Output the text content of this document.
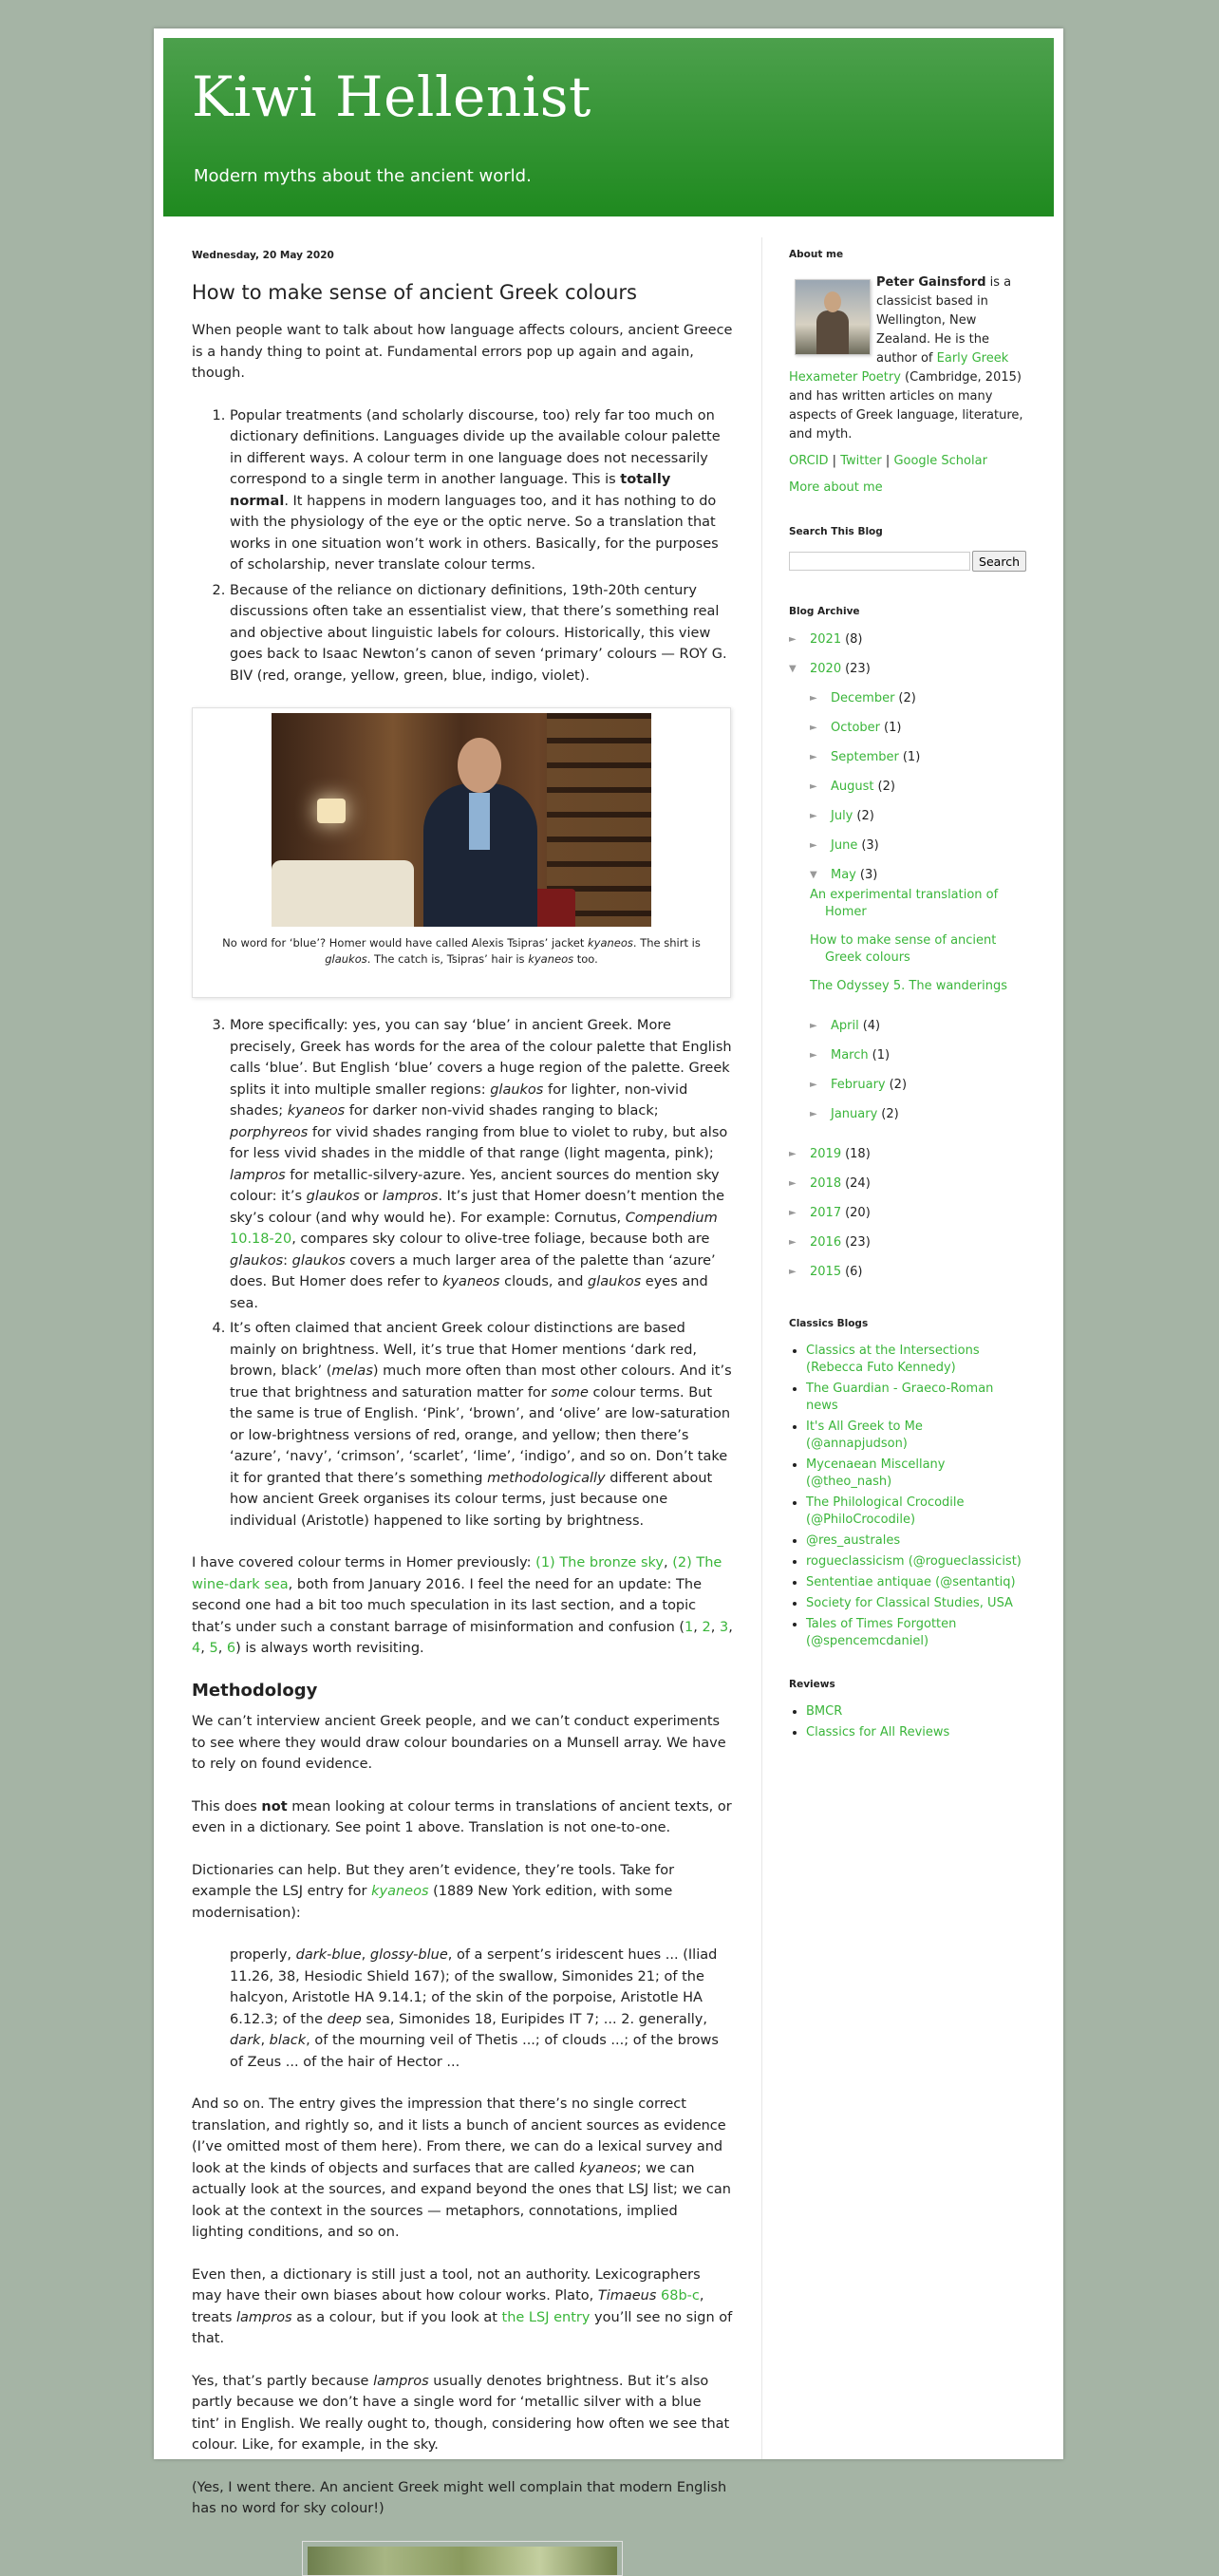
Kiwi Hellenist

Modern myths about the ancient world.

Wednesday, 20 May 2020
How to make sense of ancient Greek colours

When people want to talk about how language affects colours, ancient Greece is a handy thing to point at. Fundamental errors pop up again and again, though.

1. Popular treatments (and scholarly discourse, too) rely far too much on dictionary definitions. Languages divide up the available colour palette in different ways. A colour term in one language does not necessarily correspond to a single term in another language. This is totally normal. It happens in modern languages too, and it has nothing to do with the physiology of the eye or the optic nerve. So a translation that works in one situation won’t work in others. Basically, for the purposes of scholarship, never translate colour terms.
2. Because of the reliance on dictionary definitions, 19th-20th century discussions often take an essentialist view, that there’s something real and objective about linguistic labels for colours. Historically, this view goes back to Isaac Newton’s canon of seven ‘primary’ colours — ROY G. BIV (red, orange, yellow, green, blue, indigo, violet).

No word for ‘blue’? Homer would have called Alexis Tsipras’ jacket kyaneos. The shirt is glaukos. The catch is, Tsipras’ hair is kyaneos too.

3. More specifically: yes, you can say ‘blue’ in ancient Greek. More precisely, Greek has words for the area of the colour palette that English calls ‘blue’. But English ‘blue’ covers a huge region of the palette. Greek splits it into multiple smaller regions: glaukos for lighter, non-vivid shades; kyaneos for darker non-vivid shades ranging to black; porphyreos for vivid shades ranging from blue to violet to ruby, but also for less vivid shades in the middle of that range (light magenta, pink); lampros for metallic-silvery-azure. Yes, ancient sources do mention sky colour: it’s glaukos or lampros. It’s just that Homer doesn’t mention the sky’s colour (and why would he). For example: Cornutus, Compendium 10.18-20, compares sky colour to olive-tree foliage, because both are glaukos: glaukos covers a much larger area of the palette than ‘azure’ does. But Homer does refer to kyaneos clouds, and glaukos eyes and sea.
4. It’s often claimed that ancient Greek colour distinctions are based mainly on brightness. Well, it’s true that Homer mentions ‘dark red, brown, black’ (melas) much more often than most other colours. And it’s true that brightness and saturation matter for some colour terms. But the same is true of English. ‘Pink’, ‘brown’, and ‘olive’ are low-saturation or low-brightness versions of red, orange, and yellow; then there’s ‘azure’, ‘navy’, ‘crimson’, ‘scarlet’, ‘lime’, ‘indigo’, and so on. Don’t take it for granted that there’s something methodologically different about how ancient Greek organises its colour terms, just because one individual (Aristotle) happened to like sorting by brightness.

I have covered colour terms in Homer previously: (1) The bronze sky, (2) The wine-dark sea, both from January 2016. I feel the need for an update: The second one had a bit too much speculation in its last section, and a topic that’s under such a constant barrage of misinformation and confusion (1, 2, 3, 4, 5, 6) is always worth revisiting.

Methodology

We can’t interview ancient Greek people, and we can’t conduct experiments to see where they would draw colour boundaries on a Munsell array. We have to rely on found evidence.

This does not mean looking at colour terms in translations of ancient texts, or even in a dictionary. See point 1 above. Translation is not one-to-one.

Dictionaries can help. But they aren’t evidence, they’re tools. Take for example the LSJ entry for kyaneos (1889 New York edition, with some modernisation):

properly, dark-blue, glossy-blue, of a serpent’s iridescent hues ... (Iliad 11.26, 38, Hesiodic Shield 167); of the swallow, Simonides 21; of the halcyon, Aristotle HA 9.14.1; of the skin of the porpoise, Aristotle HA 6.12.3; of the deep sea, Simonides 18, Euripides IT 7; ... 2. generally, dark, black, of the mourning veil of Thetis ...; of clouds ...; of the brows of Zeus ... of the hair of Hector ...

And so on. The entry gives the impression that there’s no single correct translation, and rightly so, and it lists a bunch of ancient sources as evidence (I’ve omitted most of them here). From there, we can do a lexical survey and look at the kinds of objects and surfaces that are called kyaneos; we can actually look at the sources, and expand beyond the ones that LSJ list; we can look at the context in the sources — metaphors, connotations, implied lighting conditions, and so on.

Even then, a dictionary is still just a tool, not an authority. Lexicographers may have their own biases about how colour works. Plato, Timaeus 68b-c, treats lampros as a colour, but if you look at the LSJ entry you’ll see no sign of that.

Yes, that’s partly because lampros usually denotes brightness. But it’s also partly because we don’t have a single word for ‘metallic silver with a blue tint’ in English. We really ought to, though, considering how often we see that colour. Like, for example, in the sky.

(Yes, I went there. An ancient Greek might well complain that modern English has no word for sky colour!)

About me
Peter Gainsford is a classicist based in Wellington, New Zealand. He is the author of Early Greek Hexameter Poetry (Cambridge, 2015) and has written articles on many aspects of Greek language, literature, and myth.
ORCID | Twitter | Google Scholar
More about me
Search This Blog
Search
Blog Archive
►	2021 (8)
▼	2020 (23)
►	December (2)
►	October (1)
►	September (1)
►	August (2)
►	July (2)
►	June (3)
▼	May (3)
An experimental translation of Homer
How to make sense of ancient Greek colours
The Odyssey 5. The wanderings
►	April (4)
►	March (1)
►	February (2)
►	January (2)
►	2019 (18)
►	2018 (24)
►	2017 (20)
►	2016 (23)
►	2015 (6)
Classics Blogs
• Classics at the Intersections (Rebecca Futo Kennedy)
• The Guardian - Graeco-Roman news
• It's All Greek to Me (@annapjudson)
• Mycenaean Miscellany (@theo_nash)
• The Philological Crocodile (@PhiloCrocodile)
• @res_australes
• rogueclassicism (@rogueclassicist)
• Sententiae antiquae (@sentantiq)
• Society for Classical Studies, USA
• Tales of Times Forgotten (@spencemcdaniel)
Reviews
• BMCR
• Classics for All Reviews
